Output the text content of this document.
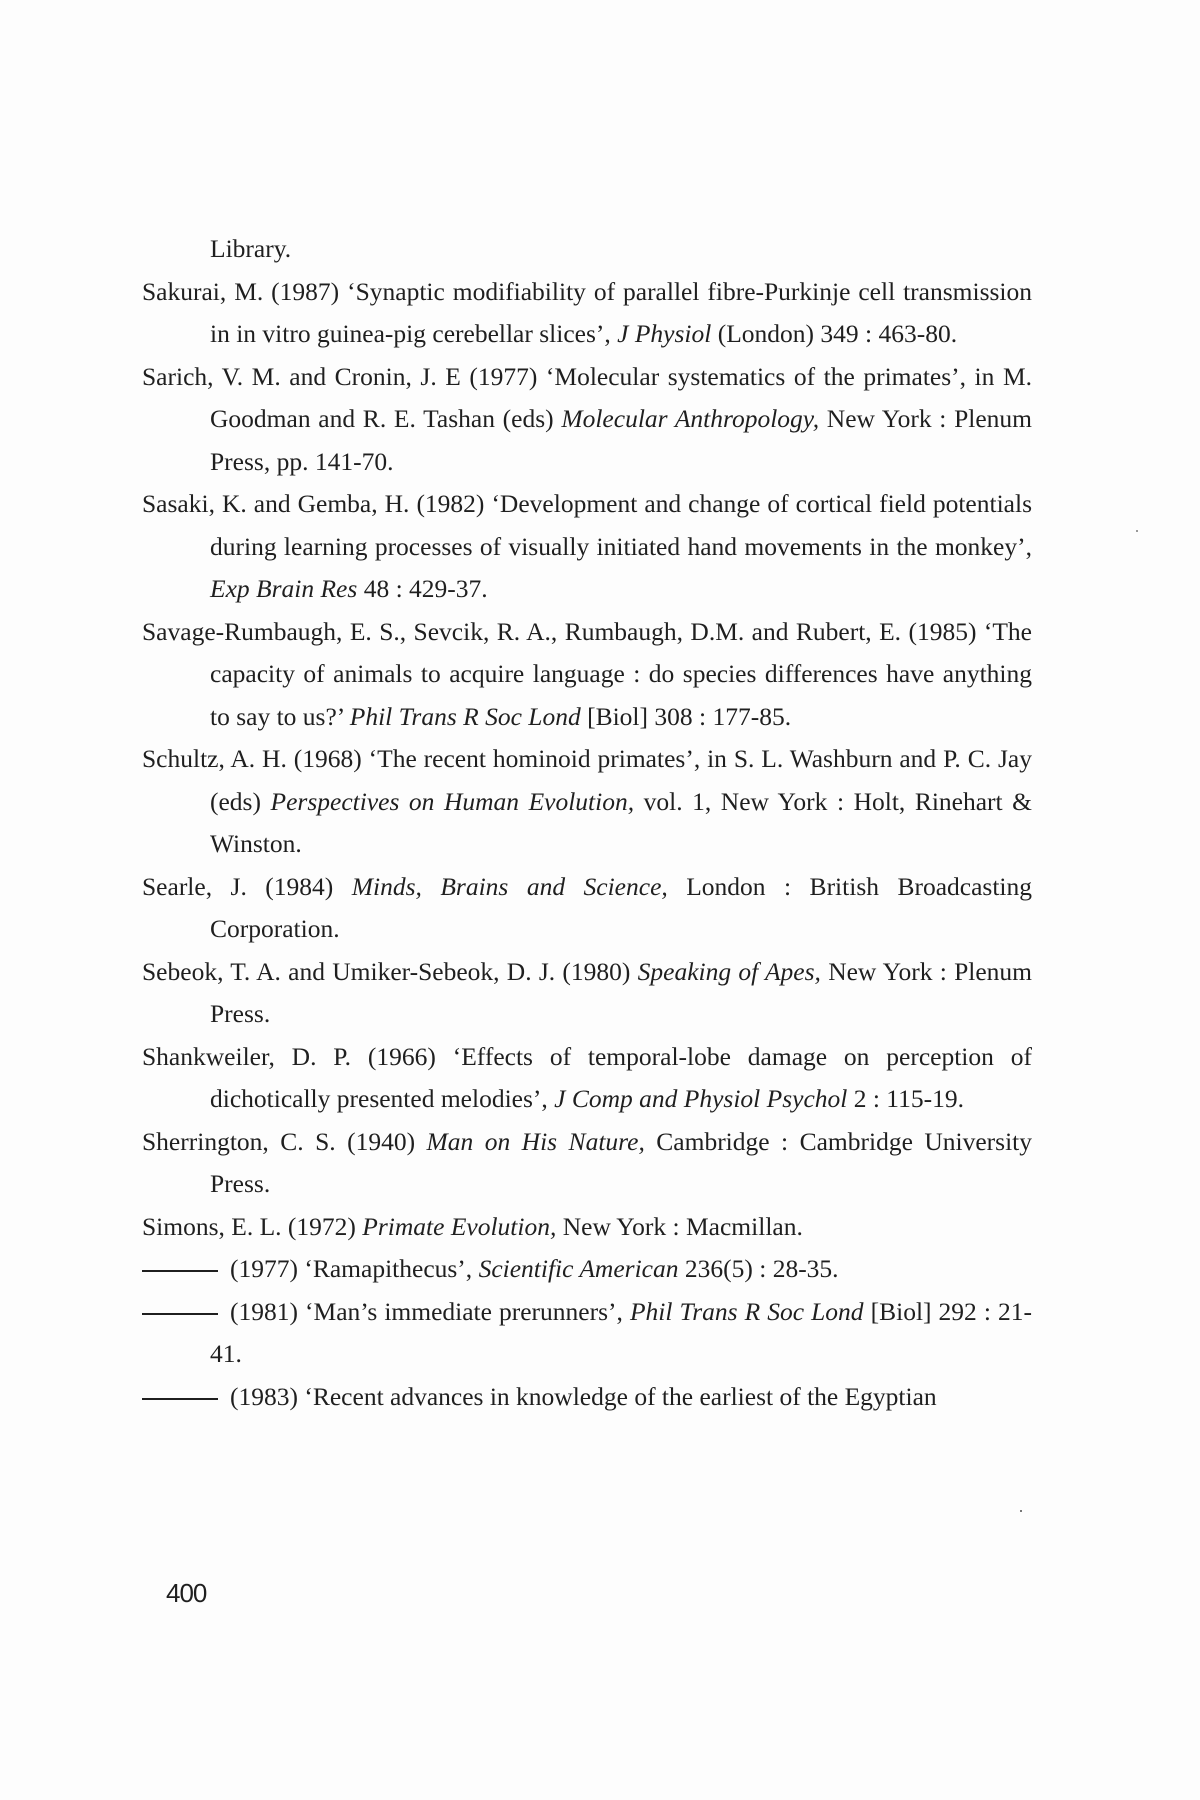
Library.

Sakurai, M. (1987) ‘Synaptic modifiability of parallel fibre-Purkinje cell transmission in in vitro guinea-pig cerebellar slices’, J Physiol (London) 349 : 463-80.

Sarich, V. M. and Cronin, J. E (1977) ‘Molecular systematics of the primates’, in M. Goodman and R. E. Tashan (eds) Molecular Anthropology, New York : Plenum Press, pp. 141-70.

Sasaki, K. and Gemba, H. (1982) ‘Development and change of cortical field potentials during learning processes of visually initiated hand movements in the monkey’, Exp Brain Res 48 : 429-37.

Savage-Rumbaugh, E. S., Sevcik, R. A., Rumbaugh, D.M. and Rubert, E. (1985) ‘The capacity of animals to acquire language : do species differences have anything to say to us?’ Phil Trans R Soc Lond [Biol] 308 : 177-85.

Schultz, A. H. (1968) ‘The recent hominoid primates’, in S. L. Washburn and P. C. Jay (eds) Perspectives on Human Evolution, vol. 1, New York : Holt, Rinehart & Winston.

Searle, J. (1984) Minds, Brains and Science, London : British Broadcasting Corporation.

Sebeok, T. A. and Umiker-Sebeok, D. J. (1980) Speaking of Apes, New York : Plenum Press.

Shankweiler, D. P. (1966) ‘Effects of temporal-lobe damage on perception of dichotically presented melodies’, J Comp and Physiol Psychol 2 : 115-19.

Sherrington, C. S. (1940) Man on His Nature, Cambridge : Cambridge University Press.

Simons, E. L. (1972) Primate Evolution, New York : Macmillan.

(1977) ‘Ramapithecus’, Scientific American 236(5) : 28-35.

(1981) ‘Man’s immediate prerunners’, Phil Trans R Soc Lond [Biol] 292 : 21-41.

(1983) ‘Recent advances in knowledge of the earliest of the Egyptian

400
